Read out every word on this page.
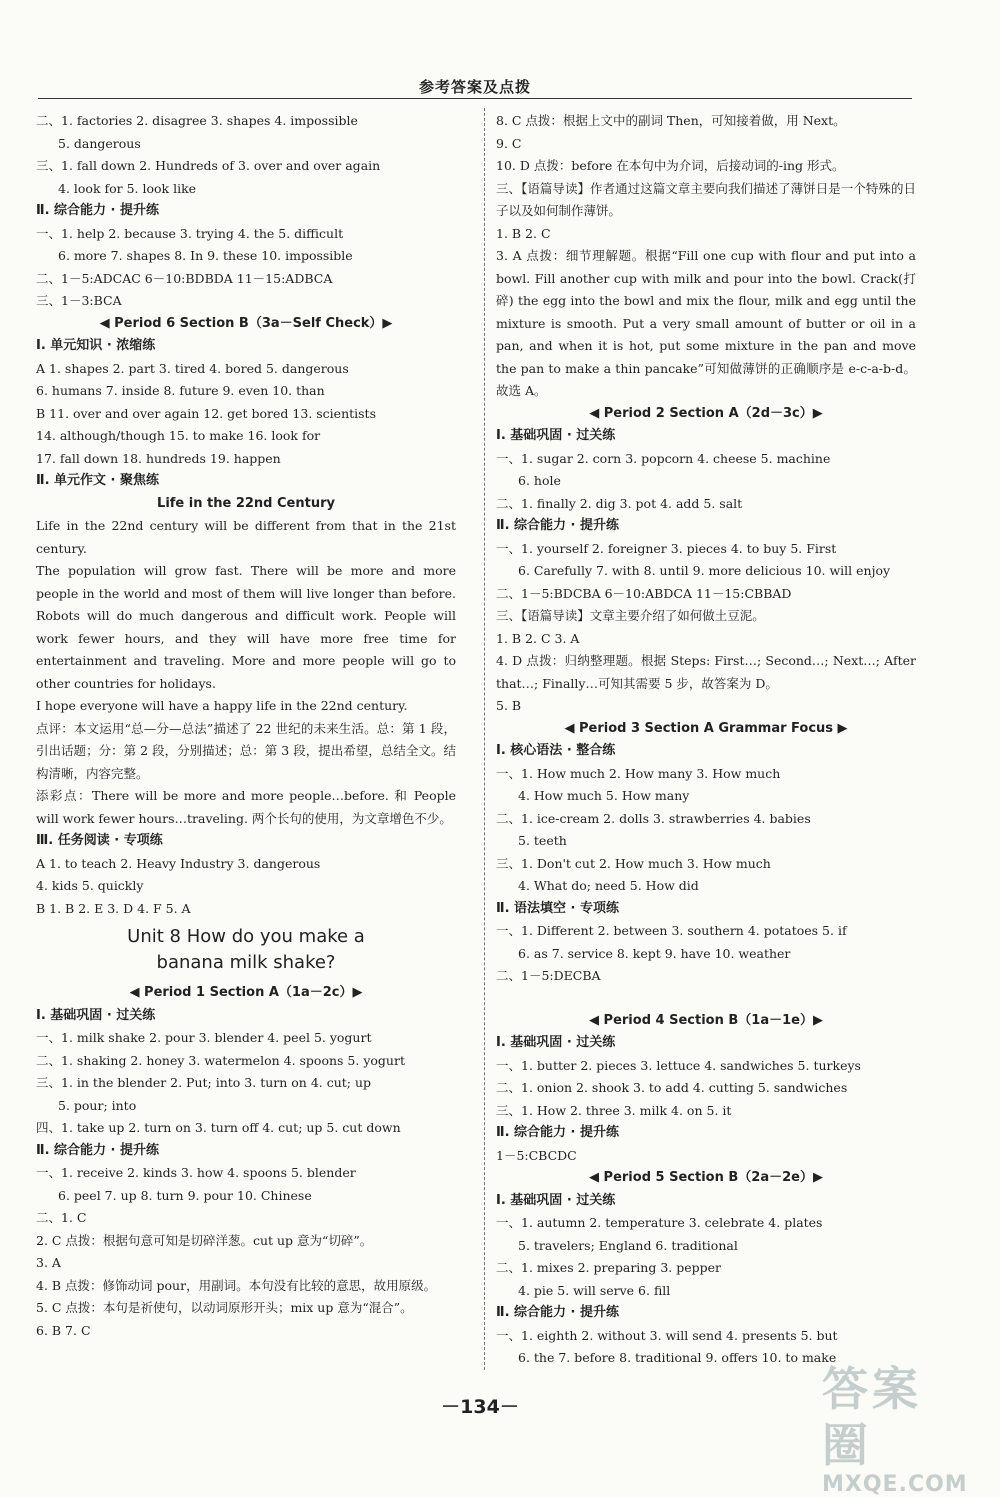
参考答案及点拨
二、1. factories 2. disagree 3. shapes 4. impossible
5. dangerous
三、1. fall down 2. Hundreds of 3. over and over again
4. look for 5. look like
Ⅱ. 综合能力 · 提升练
一、1. help 2. because 3. trying 4. the 5. difficult
6. more 7. shapes 8. In 9. these 10. impossible
二、1－5:ADCAC 6－10:BDBDA 11－15:ADBCA
三、1－3:BCA
◀ Period 6 Section B（3a－Self Check）▶
Ⅰ. 单元知识 · 浓缩练
A 1. shapes 2. part 3. tired 4. bored 5. dangerous
6. humans 7. inside 8. future 9. even 10. than
B 11. over and over again 12. get bored 13. scientists
14. although/though 15. to make 16. look for
17. fall down 18. hundreds 19. happen
Ⅱ. 单元作文 · 聚焦练
Life in the 22nd Century
Life in the 22nd century will be different from that in the 21st century.
The population will grow fast. There will be more and more people in the world and most of them will live longer than before. Robots will do much dangerous and difficult work. People will work fewer hours, and they will have more free time for entertainment and traveling. More and more people will go to other countries for holidays.
I hope everyone will have a happy life in the 22nd century.
点评：本文运用“总—分—总法”描述了 22 世纪的未来生活。总：第 1 段，引出话题；分：第 2 段，分别描述；总：第 3 段，提出希望，总结全文。结构清晰，内容完整。
添彩点：There will be more and more people…before. 和 People will work fewer hours…traveling. 两个长句的使用，为文章增色不少。
Ⅲ. 任务阅读 · 专项练
A 1. to teach 2. Heavy Industry 3. dangerous
4. kids 5. quickly
B 1. B 2. E 3. D 4. F 5. A
Unit 8 How do you make a
banana milk shake?
◀ Period 1 Section A（1a－2c）▶
Ⅰ. 基础巩固 · 过关练
一、1. milk shake 2. pour 3. blender 4. peel 5. yogurt
二、1. shaking 2. honey 3. watermelon 4. spoons 5. yogurt
三、1. in the blender 2. Put; into 3. turn on 4. cut; up
5. pour; into
四、1. take up 2. turn on 3. turn off 4. cut; up 5. cut down
Ⅱ. 综合能力 · 提升练
一、1. receive 2. kinds 3. how 4. spoons 5. blender
6. peel 7. up 8. turn 9. pour 10. Chinese
二、1. C
2. C 点拨：根据句意可知是切碎洋葱。cut up 意为“切碎”。
3. A
4. B 点拨：修饰动词 pour，用副词。本句没有比较的意思，故用原级。
5. C 点拨：本句是祈使句，以动词原形开头；mix up 意为“混合”。
6. B 7. C
8. C 点拨：根据上文中的副词 Then，可知接着做，用 Next。
9. C
10. D 点拨：before 在本句中为介词，后接动词的-ing 形式。
三、【语篇导读】作者通过这篇文章主要向我们描述了薄饼日是一个特殊的日子以及如何制作薄饼。
1. B 2. C
3. A 点拨：细节理解题。根据“Fill one cup with flour and put into a bowl. Fill another cup with milk and pour into the bowl. Crack(打碎) the egg into the bowl and mix the flour, milk and egg until the mixture is smooth. Put a very small amount of butter or oil in a pan, and when it is hot, put some mixture in the pan and move the pan to make a thin pancake”可知做薄饼的正确顺序是 e-c-a-b-d。故选 A。
◀ Period 2 Section A（2d－3c）▶
Ⅰ. 基础巩固 · 过关练
一、1. sugar 2. corn 3. popcorn 4. cheese 5. machine
6. hole
二、1. finally 2. dig 3. pot 4. add 5. salt
Ⅱ. 综合能力 · 提升练
一、1. yourself 2. foreigner 3. pieces 4. to buy 5. First
6. Carefully 7. with 8. until 9. more delicious 10. will enjoy
二、1－5:BDCBA 6－10:ABDCA 11－15:CBBAD
三、【语篇导读】文章主要介绍了如何做土豆泥。
1. B 2. C 3. A
4. D 点拨：归纳整理题。根据 Steps: First…; Second…; Next…; After that…; Finally…可知其需要 5 步，故答案为 D。
5. B
◀ Period 3 Section A Grammar Focus ▶
Ⅰ. 核心语法 · 整合练
一、1. How much 2. How many 3. How much
4. How much 5. How many
二、1. ice-cream 2. dolls 3. strawberries 4. babies
5. teeth
三、1. Don't cut 2. How much 3. How much
4. What do; need 5. How did
Ⅱ. 语法填空 · 专项练
一、1. Different 2. between 3. southern 4. potatoes 5. if
6. as 7. service 8. kept 9. have 10. weather
二、1－5:DECBA
◀ Period 4 Section B（1a－1e）▶
Ⅰ. 基础巩固 · 过关练
一、1. butter 2. pieces 3. lettuce 4. sandwiches 5. turkeys
二、1. onion 2. shook 3. to add 4. cutting 5. sandwiches
三、1. How 2. three 3. milk 4. on 5. it
Ⅱ. 综合能力 · 提升练
1－5:CBCDC
◀ Period 5 Section B（2a－2e）▶
Ⅰ. 基础巩固 · 过关练
一、1. autumn 2. temperature 3. celebrate 4. plates
5. travelers; England 6. traditional
二、1. mixes 2. preparing 3. pepper
4. pie 5. will serve 6. fill
Ⅱ. 综合能力 · 提升练
一、1. eighth 2. without 3. will send 4. presents 5. but
6. the 7. before 8. traditional 9. offers 10. to make
－134－	答案圈
MXQE.COM
